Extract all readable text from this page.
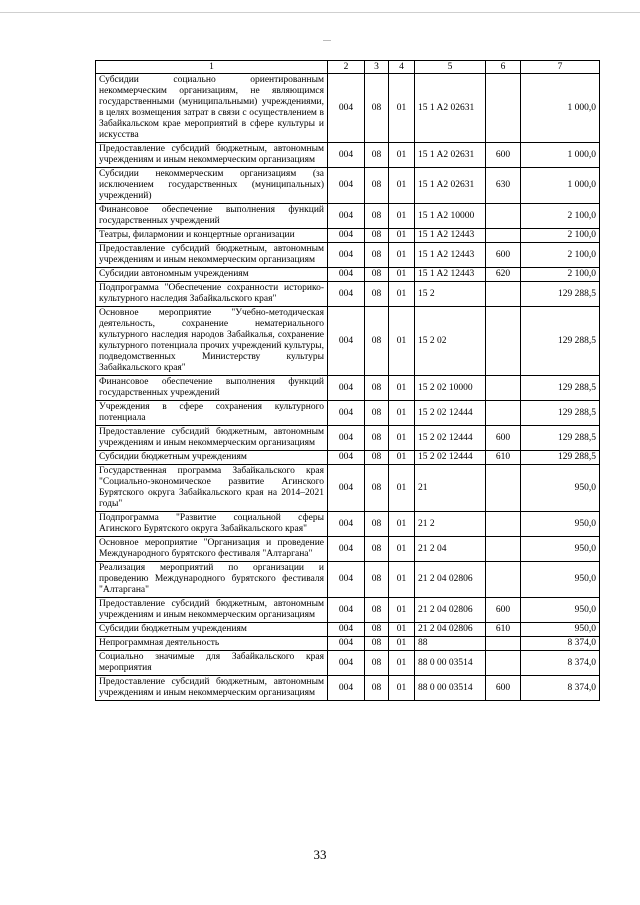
1	2	3	4	5	6	7
Субсидии социально ориентированным некоммерческим организациям, не являющимся государственными (муниципальными) учреждениями, в целях возмещения затрат в связи с осуществлением в Забайкальском крае мероприятий в сфере культуры и искусства	004	08	01	15 1 A2 02631		1 000,0
Предоставление субсидий бюджетным, автономным учреждениям и иным некоммерческим организациям	004	08	01	15 1 A2 02631	600	1 000,0
Субсидии некоммерческим организациям (за исключением государственных (муниципальных) учреждений)	004	08	01	15 1 A2 02631	630	1 000,0
Финансовое обеспечение выполнения функций государственных учреждений	004	08	01	15 1 A2 10000		2 100,0
Театры, филармонии и концертные организации	004	08	01	15 1 A2 12443		2 100,0
Предоставление субсидий бюджетным, автономным учреждениям и иным некоммерческим организациям	004	08	01	15 1 A2 12443	600	2 100,0
Субсидии автономным учреждениям	004	08	01	15 1 A2 12443	620	2 100,0
Подпрограмма "Обеспечение сохранности историко-культурного наследия Забайкальского края"	004	08	01	15 2		129 288,5
Основное мероприятие "Учебно-методическая деятельность, сохранение нематериального культурного наследия народов Забайкалья, сохранение культурного потенциала прочих учреждений культуры, подведомственных Министерству культуры Забайкальского края"	004	08	01	15 2 02		129 288,5
Финансовое обеспечение выполнения функций государственных учреждений	004	08	01	15 2 02 10000		129 288,5
Учреждения в сфере сохранения культурного потенциала	004	08	01	15 2 02 12444		129 288,5
Предоставление субсидий бюджетным, автономным учреждениям и иным некоммерческим организациям	004	08	01	15 2 02 12444	600	129 288,5
Субсидии бюджетным учреждениям	004	08	01	15 2 02 12444	610	129 288,5
Государственная программа Забайкальского края "Социально-экономическое развитие Агинского Бурятского округа Забайкальского края на 2014–2021 годы"	004	08	01	21		950,0
Подпрограмма "Развитие социальной сферы Агинского Бурятского округа Забайкальского края"	004	08	01	21 2		950,0
Основное мероприятие "Организация и проведение Международного бурятского фестиваля "Алтаргана"	004	08	01	21 2 04		950,0
Реализация мероприятий по организации и проведению Международного бурятского фестиваля "Алтаргана"	004	08	01	21 2 04 02806		950,0
Предоставление субсидий бюджетным, автономным учреждениям и иным некоммерческим организациям	004	08	01	21 2 04 02806	600	950,0
Субсидии бюджетным учреждениям	004	08	01	21 2 04 02806	610	950,0
Непрограммная деятельность	004	08	01	88		8 374,0
Социально значимые для Забайкальского края мероприятия	004	08	01	88 0 00 03514		8 374,0
Предоставление субсидий бюджетным, автономным учреждениям и иным некоммерческим организациям	004	08	01	88 0 00 03514	600	8 374,0
33
